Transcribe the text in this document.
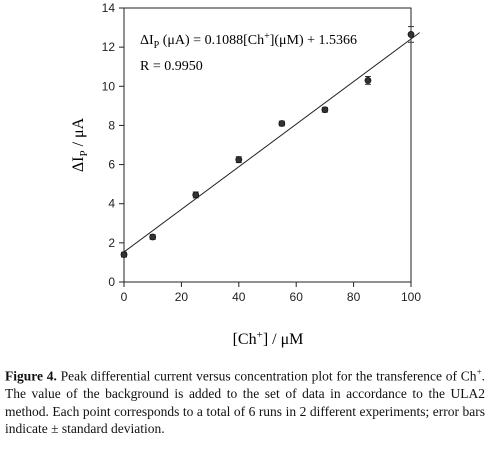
0	20	40	60	80	100
0
2
4
6
8
10
12
14
$\Delta I_P$ (μA) = 0.1088[Ch+](μM) + 1.5366
R = 0.9950
[Ch+] / μM
$\Delta I_P$ / μA
Figure 4. Peak differential current versus concentration plot for the transference of Ch+. The value of the background is added to the set of data in accordance to the ULA2 method. Each point corresponds to a total of 6 runs in 2 different experiments; error bars indicate ± standard deviation.
